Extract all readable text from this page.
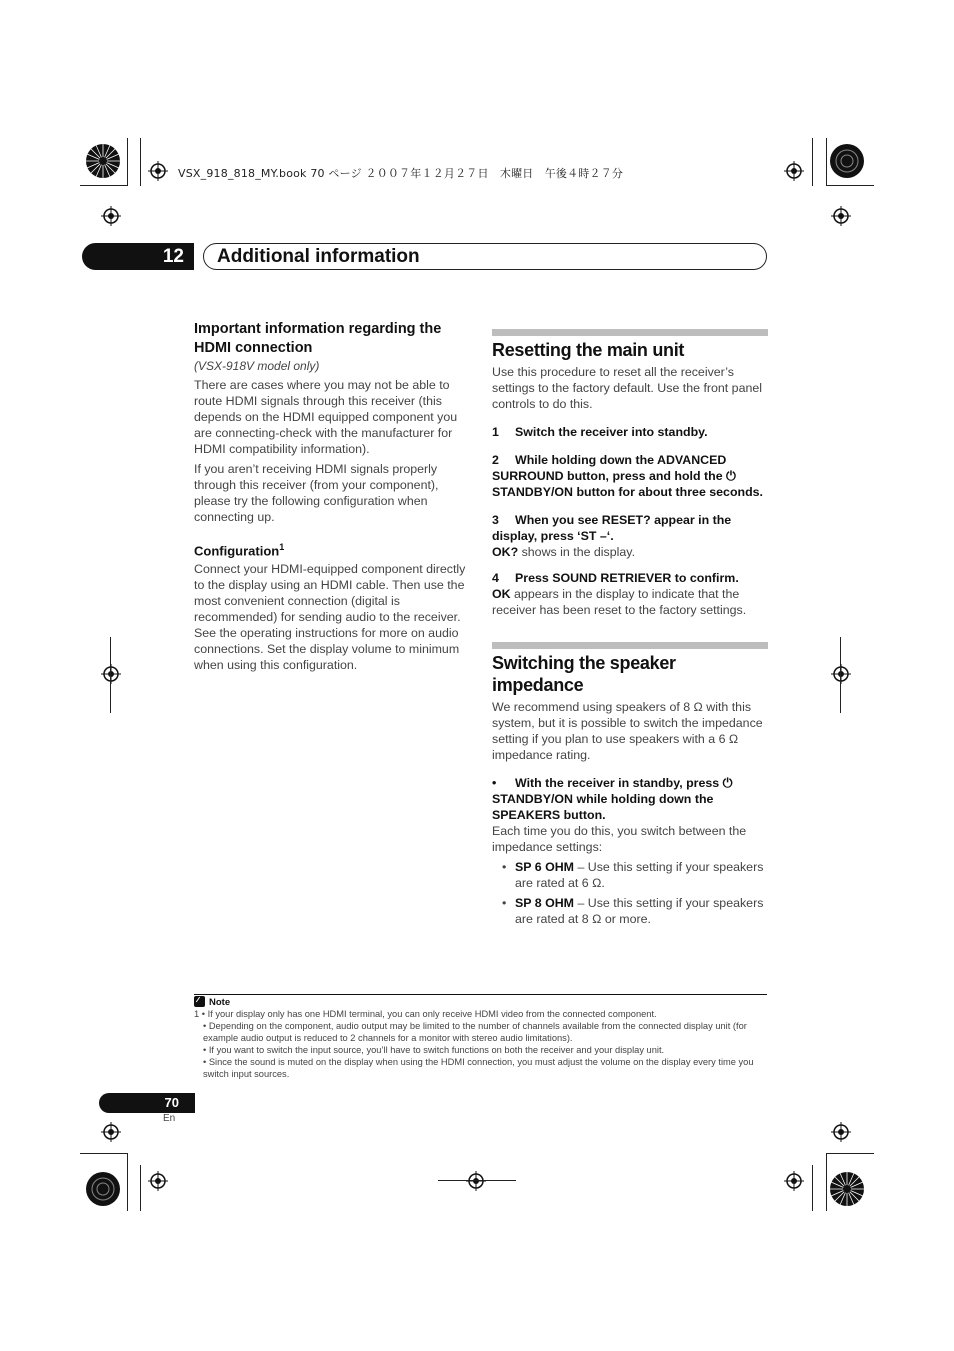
VSX_918_818_MY.book 70 ページ ２００７年１２月２７日　木曜日　午後４時２７分
12	Additional information
Important information regarding the HDMI connection

(VSX-918V model only)

There are cases where you may not be able to route HDMI signals through this receiver (this depends on the HDMI equipped component you are connecting-check with the manufacturer for HDMI compatibility information).

If you aren’t receiving HDMI signals properly through this receiver (from your component), please try the following configuration when connecting up.

Configuration$^1$

Connect your HDMI-equipped component directly to the display using an HDMI cable. Then use the most convenient connection (digital is recommended) for sending audio to the receiver. See the operating instructions for more on audio connections. Set the display volume to minimum when using this configuration.

Resetting the main unit

Use this procedure to reset all the receiver’s settings to the factory default. Use the front panel controls to do this.

1 Switch the receiver into standby.
2 While holding down the ADVANCED SURROUND button, press and hold the ⏻ STANDBY/ON button for about three seconds.
3 When you see RESET? appear in the display, press ‘ST –‘.

OK? shows in the display.

4 Press SOUND RETRIEVER to confirm.

OK appears in the display to indicate that the receiver has been reset to the factory settings.

Switching the speaker impedance

We recommend using speakers of 8 Ω with this system, but it is possible to switch the impedance setting if you plan to use speakers with a 6 Ω impedance rating.

• With the receiver in standby, press ⏻ STANDBY/ON while holding down the SPEAKERS button.

Each time you do this, you switch between the impedance settings:

• SP 6 OHM – Use this setting if your speakers are rated at 6 Ω.
• SP 8 OHM – Use this setting if your speakers are rated at 8 Ω or more.
Note
1 • If your display only has one HDMI terminal, you can only receive HDMI video from the connected component.
• Depending on the component, audio output may be limited to the number of channels available from the connected display unit (for example audio output is reduced to 2 channels for a monitor with stereo audio limitations).
• If you want to switch the input source, you’ll have to switch functions on both the receiver and your display unit.
• Since the sound is muted on the display when using the HDMI connection, you must adjust the volume on the display every time you switch input sources.
70
En
